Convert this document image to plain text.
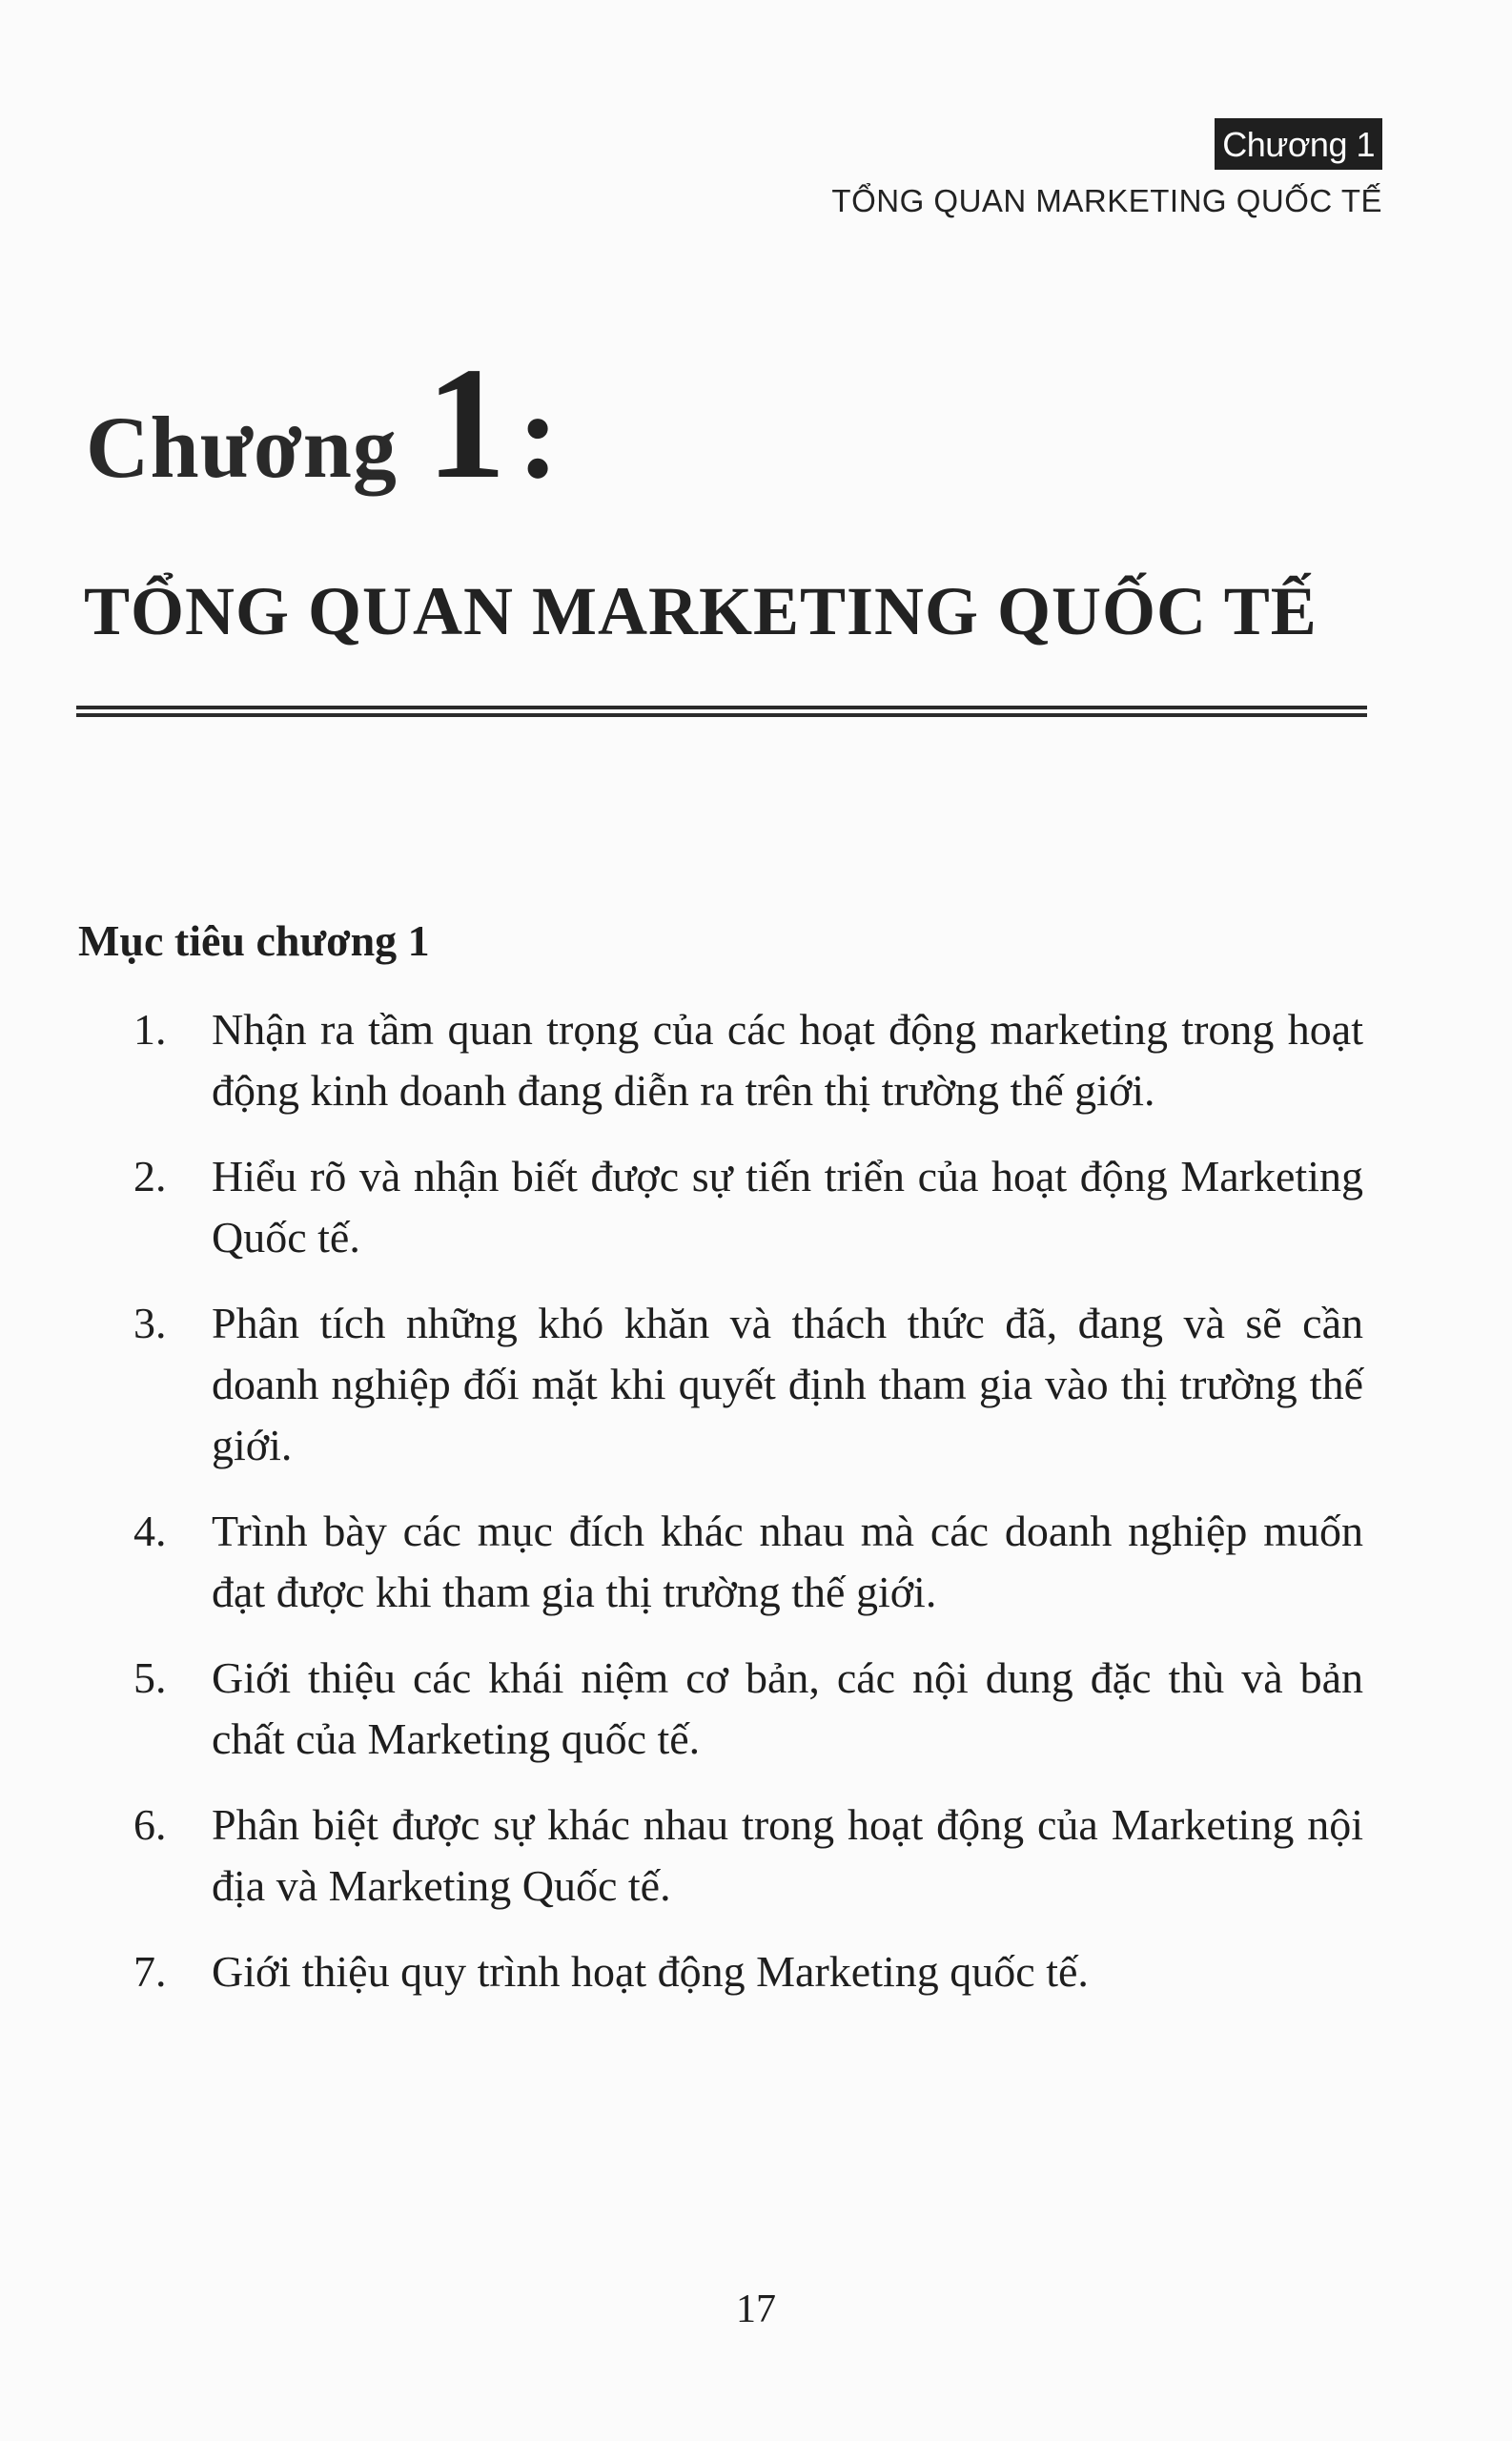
Chương 1
TỔNG QUAN MARKETING QUỐC TẾ
Chương 1 :
TỔNG QUAN MARKETING QUỐC TẾ
Mục tiêu chương 1
1. Nhận ra tầm quan trọng của các hoạt động marketing trong hoạt động kinh doanh đang diễn ra trên thị trường thế giới.
2. Hiểu rõ và nhận biết được sự tiến triển của hoạt động Marketing Quốc tế.
3. Phân tích những khó khăn và thách thức đã, đang và sẽ cần doanh nghiệp đối mặt khi quyết định tham gia vào thị trường thế giới.
4. Trình bày các mục đích khác nhau mà các doanh nghiệp muốn đạt được khi tham gia thị trường thế giới.
5. Giới thiệu các khái niệm cơ bản, các nội dung đặc thù và bản chất của Marketing quốc tế.
6. Phân biệt được sự khác nhau trong hoạt động của Marketing nội địa và Marketing Quốc tế.
7. Giới thiệu quy trình hoạt động Marketing quốc tế.
17
